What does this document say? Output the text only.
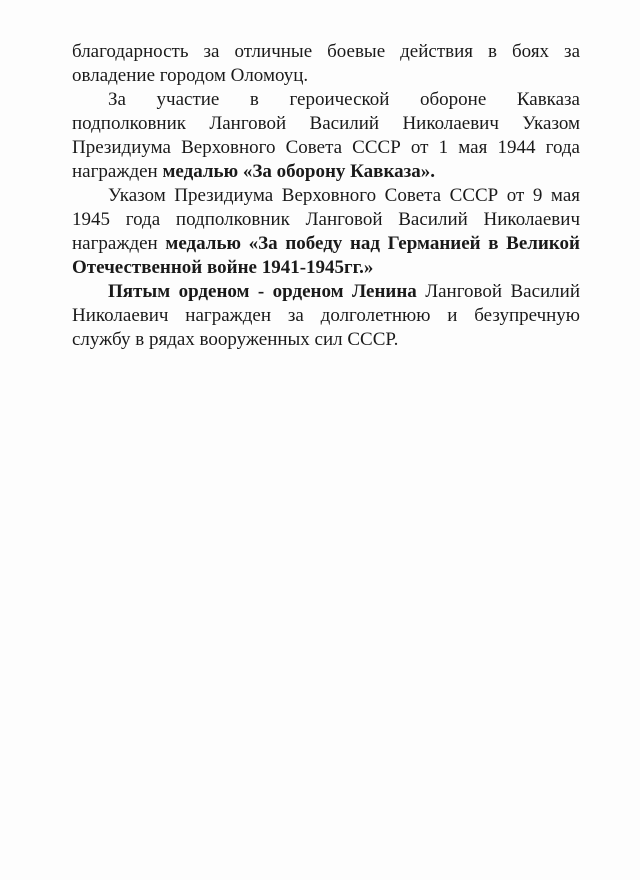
благодарность за отличные боевые действия в боях за
овладение городом Оломоуц.
За участие в героической обороне Кавказа
подполковник Ланговой Василий Николаевич Указом
Президиума Верховного Совета СССР от 1 мая 1944 года
награжден медалью «За оборону Кавказа».
Указом Президиума Верховного Совета СССР от 9 мая
1945 года подполковник Ланговой Василий Николаевич
награжден медалью «За победу над Германией в Великой
Отечественной войне 1941-1945гг.»
Пятым орденом - орденом Ленина Ланговой Василий
Николаевич награжден за долголетнюю и безупречную
службу в рядах вооруженных сил СССР.
